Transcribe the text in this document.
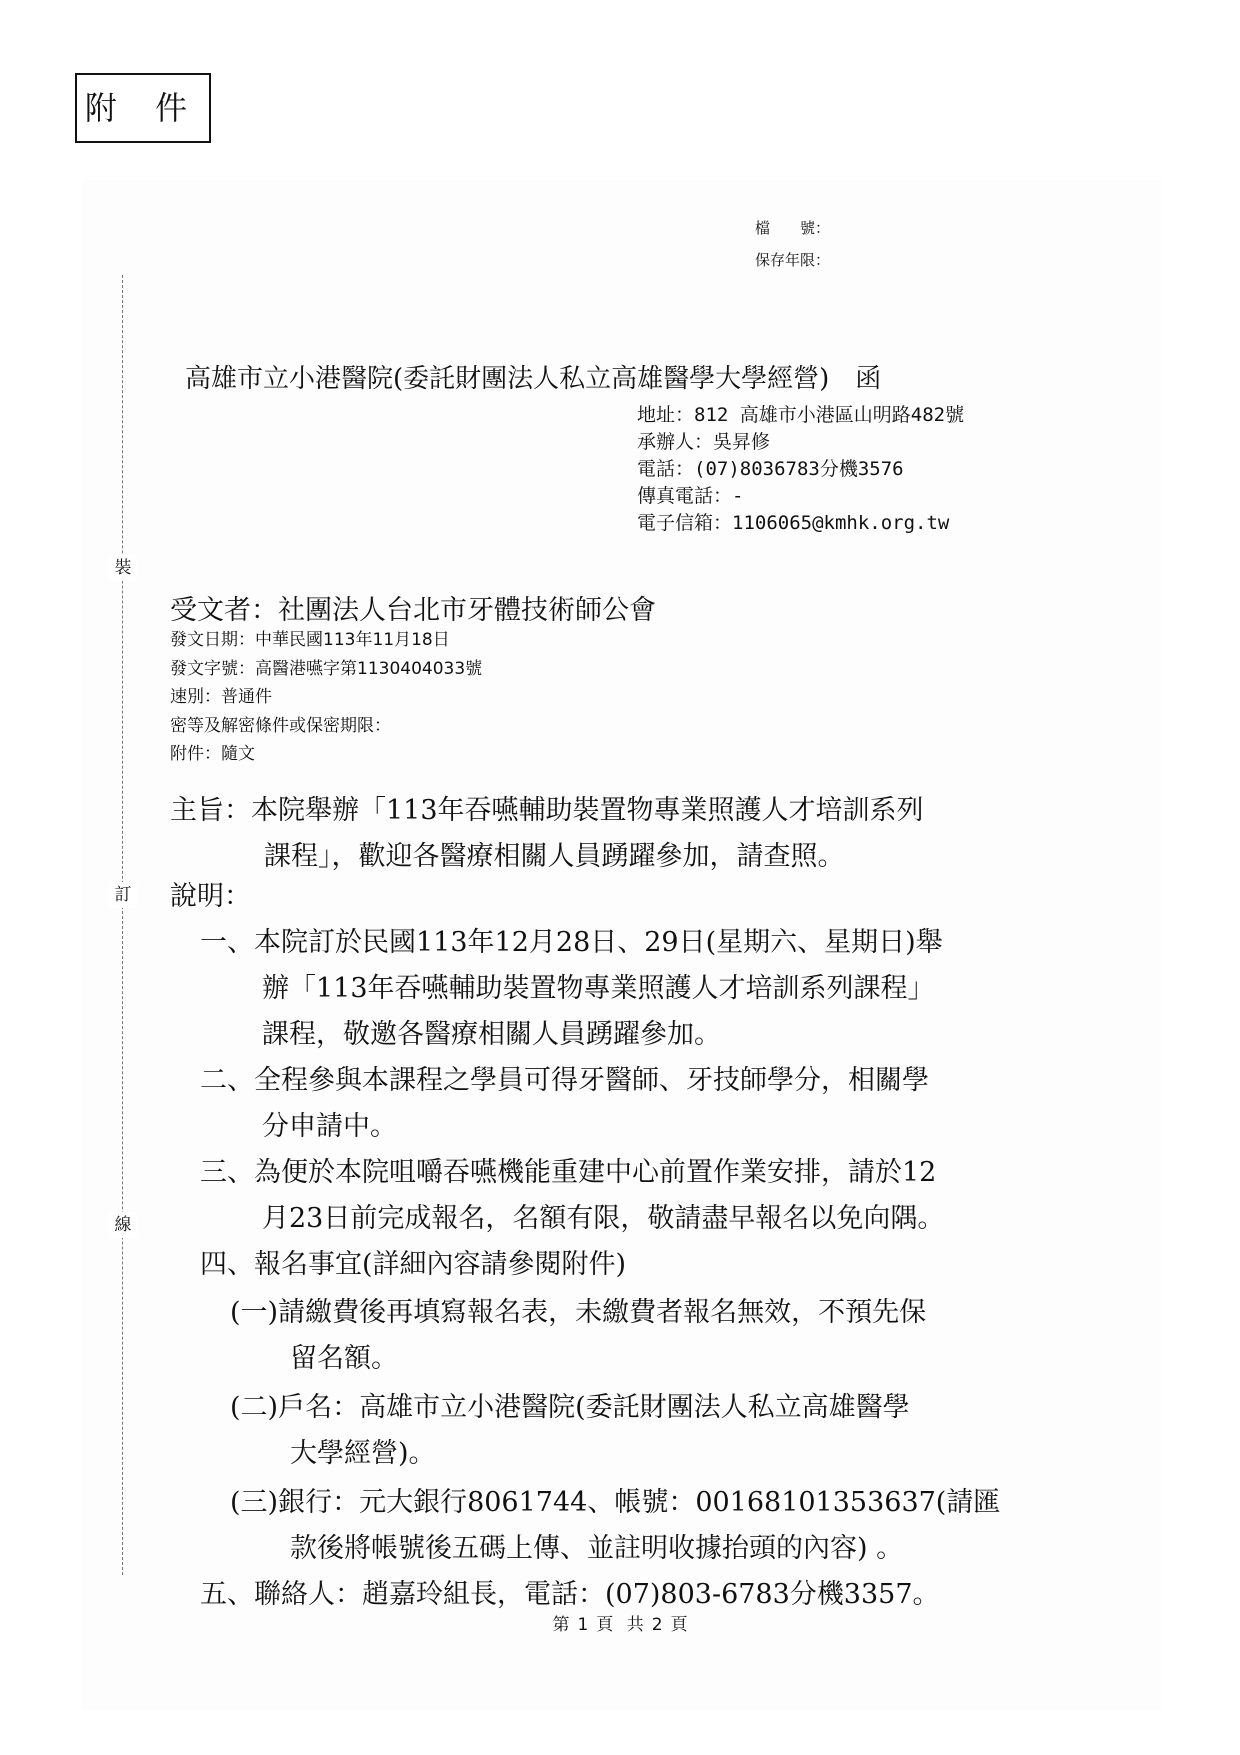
附 件
裝
訂
線
檔　　號：
保存年限：
高雄市立小港醫院(委託財團法人私立高雄醫學大學經營) 函
地址：812 高雄市小港區山明路482號
承辦人：吳昇修
電話：(07)8036783分機3576
傳真電話：-
電子信箱：1106065@kmhk.org.tw
受文者：社團法人台北市牙體技術師公會
發文日期：中華民國113年11月18日
發文字號：高醫港嚥字第1130404033號
速別：普通件
密等及解密條件或保密期限：
附件：隨文
主旨：本院舉辦「113年吞嚥輔助裝置物專業照護人才培訓系列
課程」，歡迎各醫療相關人員踴躍參加，請查照。
說明：
一、本院訂於民國113年12月28日、29日(星期六、星期日)舉
辦「113年吞嚥輔助裝置物專業照護人才培訓系列課程」
課程，敬邀各醫療相關人員踴躍參加。
二、全程參與本課程之學員可得牙醫師、牙技師學分，相關學
分申請中。
三、為便於本院咀嚼吞嚥機能重建中心前置作業安排，請於12
月23日前完成報名，名額有限，敬請盡早報名以免向隅。
四、報名事宜(詳細內容請參閱附件)
(一)請繳費後再填寫報名表，未繳費者報名無效，不預先保
留名額。
(二)戶名：高雄市立小港醫院(委託財團法人私立高雄醫學
大學經營)。
(三)銀行：元大銀行8061744、帳號：00168101353637(請匯
款後將帳號後五碼上傳、並註明收據抬頭的內容) 。
五、聯絡人：趙嘉玲組長，電話：(07)803-6783分機3357。
第 1 頁 共 2 頁
